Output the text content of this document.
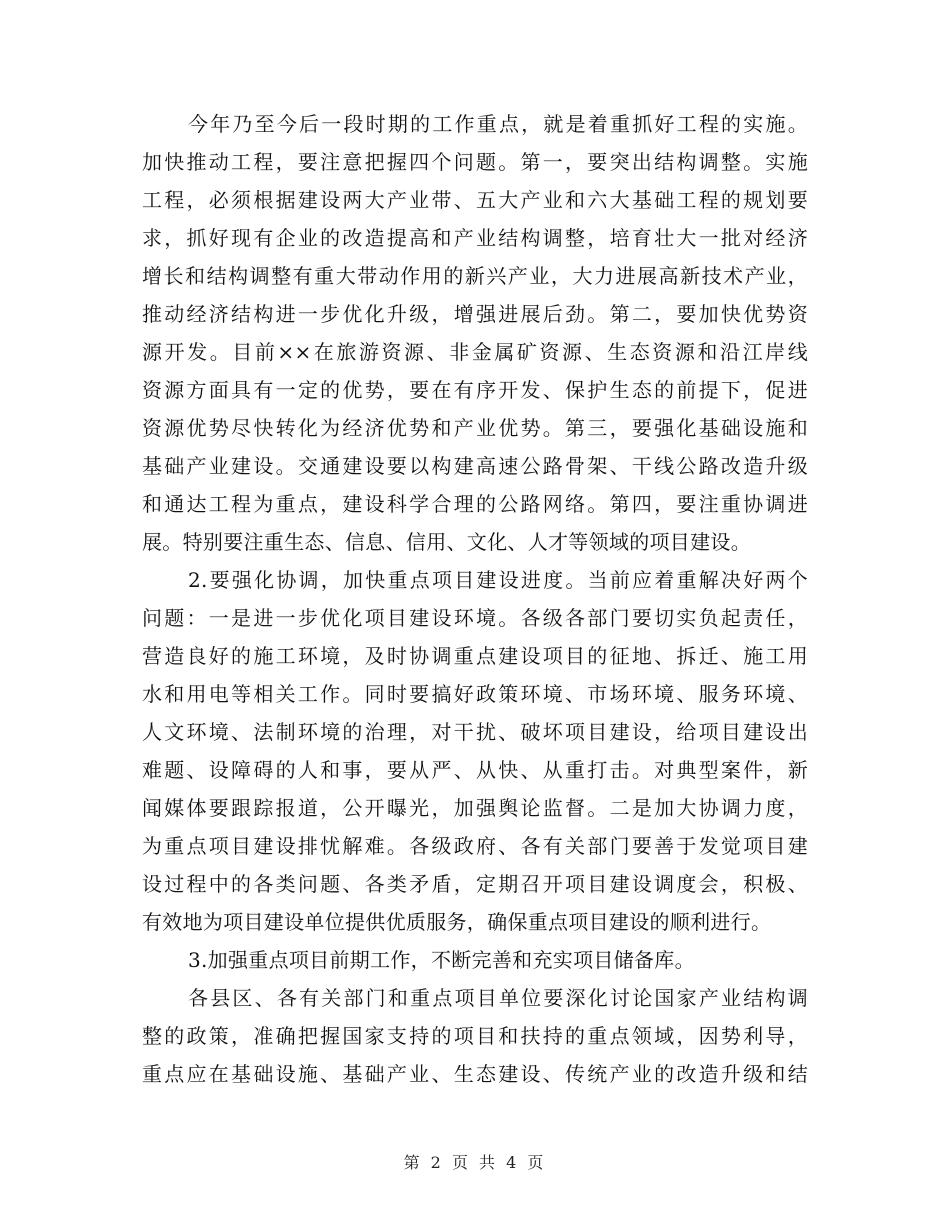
今年乃至今后一段时期的工作重点，就是着重抓好工程的实施。
加快推动工程，要注意把握四个问题。第一，要突出结构调整。实施
工程，必须根据建设两大产业带、五大产业和六大基础工程的规划要
求，抓好现有企业的改造提高和产业结构调整，培育壮大一批对经济
增长和结构调整有重大带动作用的新兴产业，大力进展高新技术产业，
推动经济结构进一步优化升级，增强进展后劲。第二，要加快优势资
源开发。目前××在旅游资源、非金属矿资源、生态资源和沿江岸线
资源方面具有一定的优势，要在有序开发、保护生态的前提下，促进
资源优势尽快转化为经济优势和产业优势。第三，要强化基础设施和
基础产业建设。交通建设要以构建高速公路骨架、干线公路改造升级
和通达工程为重点，建设科学合理的公路网络。第四，要注重协调进
展。特别要注重生态、信息、信用、文化、人才等领域的项目建设。
2.要强化协调，加快重点项目建设进度。当前应着重解决好两个
问题：一是进一步优化项目建设环境。各级各部门要切实负起责任，
营造良好的施工环境，及时协调重点建设项目的征地、拆迁、施工用
水和用电等相关工作。同时要搞好政策环境、市场环境、服务环境、
人文环境、法制环境的治理，对干扰、破坏项目建设，给项目建设出
难题、设障碍的人和事，要从严、从快、从重打击。对典型案件，新
闻媒体要跟踪报道，公开曝光，加强舆论监督。二是加大协调力度，
为重点项目建设排忧解难。各级政府、各有关部门要善于发觉项目建
设过程中的各类问题、各类矛盾，定期召开项目建设调度会，积极、
有效地为项目建设单位提供优质服务，确保重点项目建设的顺利进行。
3.加强重点项目前期工作，不断完善和充实项目储备库。
各县区、各有关部门和重点项目单位要深化讨论国家产业结构调
整的政策，准确把握国家支持的项目和扶持的重点领域，因势利导，
重点应在基础设施、基础产业、生态建设、传统产业的改造升级和结
第 2 页 共 4 页
